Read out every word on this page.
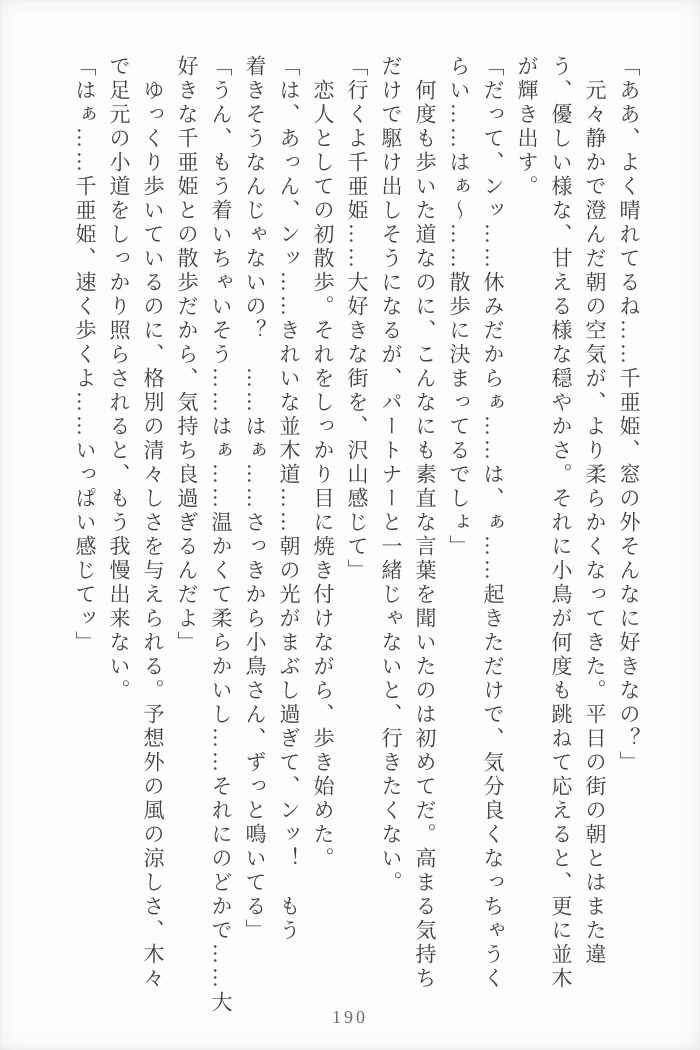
「ああ、よく晴れてるね……千亜姫、窓の外そんなに好きなの？」

　元々静かで澄んだ朝の空気が、より柔らかくなってきた。平日の街の朝とはまた違

う、優しい様な、甘える様な穏やかさ。それに小鳥が何度も跳ねて応えると、更に並木

が輝き出す。

「だって、ンッ……休みだからぁ……は、ぁ……起きただけで、気分良くなっちゃうく

らい……はぁ～……散歩に決まってるでしょ」

　何度も歩いた道なのに、こんなにも素直な言葉を聞いたのは初めてだ。高まる気持ち

だけで駆け出しそうになるが、パートナーと一緒じゃないと、行きたくない。

「行くよ千亜姫……大好きな街を、沢山感じて」

　恋人としての初散歩。それをしっかり目に焼き付けながら、歩き始めた。

「は、あっん、ンッ……きれいな並木道……朝の光がまぶし過ぎて、ンッ！　もう

着きそうなんじゃないの？　……はぁ……さっきから小鳥さん、ずっと鳴いてる」

「うん、もう着いちゃいそう……はぁ……温かくて柔らかいし……それにのどかで……大

好きな千亜姫との散歩だから、気持ち良過ぎるんだよ」

　ゆっくり歩いているのに、格別の清々しさを与えられる。予想外の風の涼しさ、木々

で足元の小道をしっかり照らされると、もう我慢出来ない。

「はぁ……千亜姫、速く歩くよ……いっぱい感じてッ」

190
